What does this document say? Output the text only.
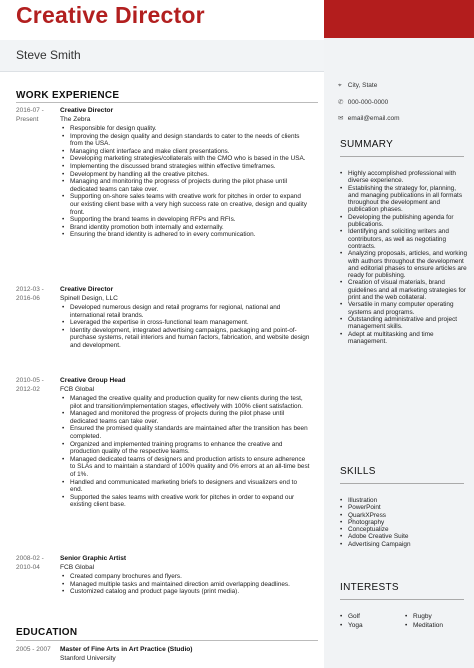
Creative Director
Steve Smith
WORK EXPERIENCE
2016-07 -
Present
Creative Director
The Zebra
• Responsible for design quality.
• Improving the design quality and design standards to cater to the needs of clients from the USA.
• Managing client interface and make client presentations.
• Developing marketing strategies/collaterals with the CMO who is based in the USA.
• Implementing the discussed brand strategies within effective timeframes.
• Development by handling all the creative pitches.
• Managing and monitoring the progress of projects during the pilot phase until dedicated teams can take over.
• Supporting on-shore sales teams with creative work for pitches in order to expand our existing client base with a very high success rate on creative, design and quality front.
• Supporting the brand teams in developing RFPs and RFIs.
• Brand identity promotion both internally and externally.
• Ensuring the brand identity is adhered to in every communication.
2012-03 -
2016-06
Creative Director
Spinell Design, LLC
• Developed numerous design and retail programs for regional, national and international retail brands.
• Leveraged the expertise in cross-functional team management.
• Identity development, integrated advertising campaigns, packaging and point-of-purchase systems, retail interiors and human factors, fabrication, and website design and development.
2010-05 -
2012-02
Creative Group Head
FCB Global
• Managed the creative quality and production quality for new clients during the test, pilot and transition/implementation stages, effectively with 100% client satisfaction.
• Managed and monitored the progress of projects during the pilot phase until dedicated teams can take over.
• Ensured the promised quality standards are maintained after the transition has been completed.
• Organized and implemented training programs to enhance the creative and production quality of the respective teams.
• Managed dedicated teams of designers and production artists to ensure adherence to SLAs and to maintain a standard of 100% quality and 0% errors at an all-time best of 1%.
• Handled and communicated marketing briefs to designers and visualizers end to end.
• Supported the sales teams with creative work for pitches in order to expand our existing client base.
2008-02 -
2010-04
Senior Graphic Artist
FCB Global
• Created company brochures and flyers.
• Managed multiple tasks and maintained direction amid overlapping deadlines.
• Customized catalog and product page layouts (print media).
EDUCATION
2005 - 2007	Master of Fine Arts in Art Practice (Studio)
Stanford University
⌖ City, State
✆ 000-000-0000
✉ email@email.com
SUMMARY
• Highly accomplished professional with diverse experience.
• Establishing the strategy for, planning, and managing publications in all formats throughout the development and publication phases.
• Developing the publishing agenda for publications.
• Identifying and soliciting writers and contributors, as well as negotiating contracts.
• Analyzing proposals, articles, and working with authors throughout the development and editorial phases to ensure articles are ready for publishing.
• Creation of visual materials, brand guidelines and all marketing strategies for print and the web collateral.
• Versatile in many computer operating systems and programs.
• Outstanding administrative and project management skills.
• Adept at multitasking and time management.
SKILLS
• Illustration
• PowerPoint
• QuarkXPress
• Photography
• Conceptualize
• Adobe Creative Suite
• Advertising Campaign
INTERESTS
• Golf	• Rugby
• Yoga	• Meditation
